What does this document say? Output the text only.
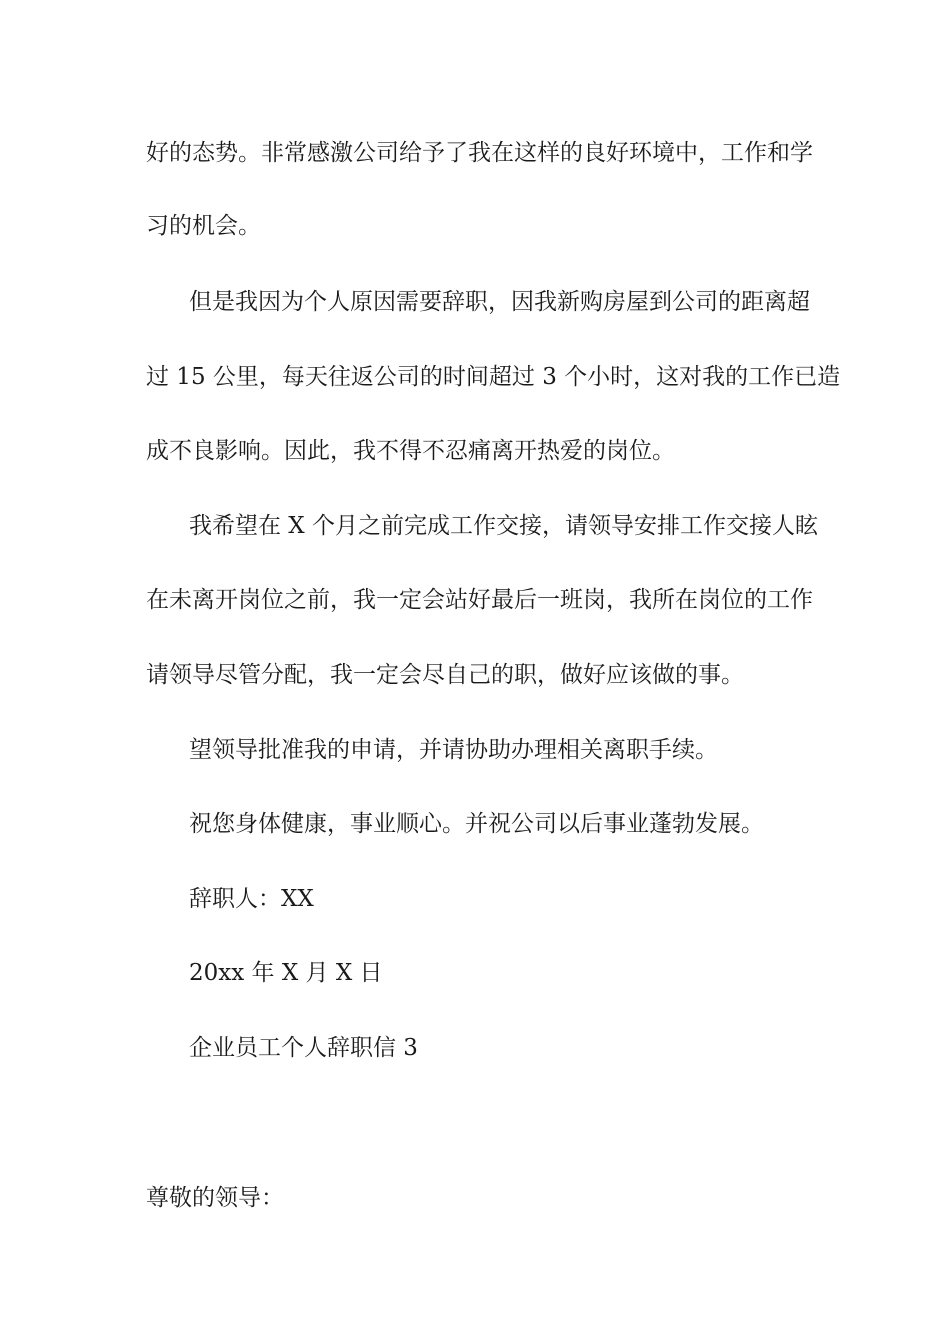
好的态势。非常感激公司给予了我在这样的良好环境中，工作和学
习的机会。
但是我因为个人原因需要辞职，因我新购房屋到公司的距离超
过 15 公里，每天往返公司的时间超过 3 个小时，这对我的工作已造
成不良影响。因此，我不得不忍痛离开热爱的岗位。
我希望在 X 个月之前完成工作交接，请领导安排工作交接人眩
在未离开岗位之前，我一定会站好最后一班岗，我所在岗位的工作
请领导尽管分配，我一定会尽自己的职，做好应该做的事。
望领导批准我的申请，并请协助办理相关离职手续。
祝您身体健康，事业顺心。并祝公司以后事业蓬勃发展。
辞职人：XX
20xx 年 X 月 X 日
企业员工个人辞职信 3
尊敬的领导：
